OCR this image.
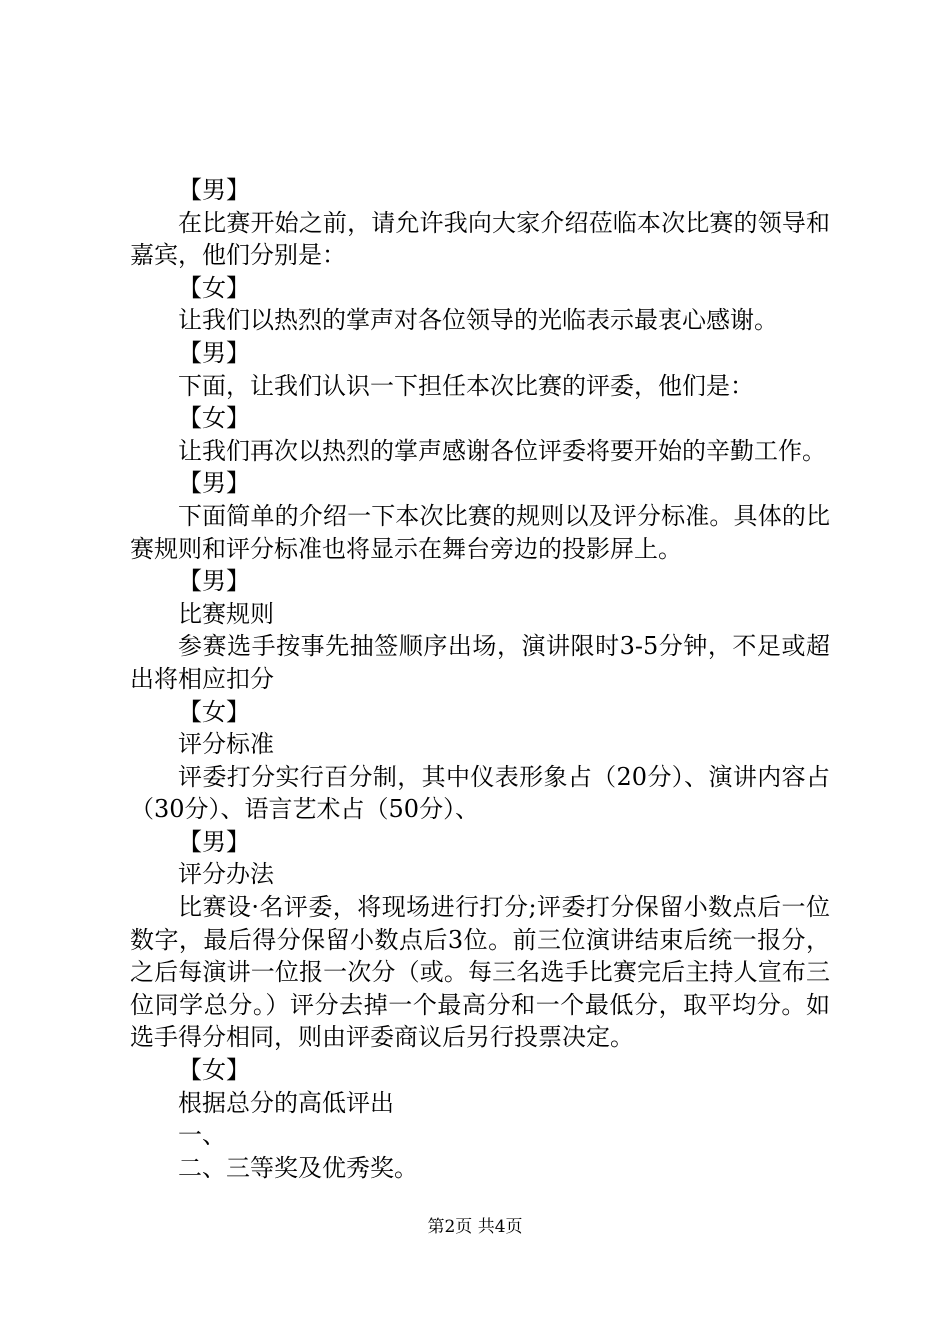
【男】
在比赛开始之前，请允许我向大家介绍莅临本次比赛的领导和嘉宾，他们分别是：
【女】
让我们以热烈的掌声对各位领导的光临表示最衷心感谢。
【男】
下面，让我们认识一下担任本次比赛的评委，他们是：
【女】
让我们再次以热烈的掌声感谢各位评委将要开始的辛勤工作。
【男】
下面简单的介绍一下本次比赛的规则以及评分标准。具体的比赛规则和评分标准也将显示在舞台旁边的投影屏上。
【男】
比赛规则
参赛选手按事先抽签顺序出场，演讲限时3-5分钟，不足或超出将相应扣分
【女】
评分标准
评委打分实行百分制，其中仪表形象占（20分）、演讲内容占（30分）、语言艺术占（50分）、
【男】
评分办法
比赛设·名评委，将现场进行打分;评委打分保留小数点后一位数字，最后得分保留小数点后3位。前三位演讲结束后统一报分，之后每演讲一位报一次分（或。每三名选手比赛完后主持人宣布三位同学总分。）评分去掉一个最高分和一个最低分，取平均分。如选手得分相同，则由评委商议后另行投票决定。
【女】
根据总分的高低评出
一、
二、三等奖及优秀奖。
第2页 共4页
